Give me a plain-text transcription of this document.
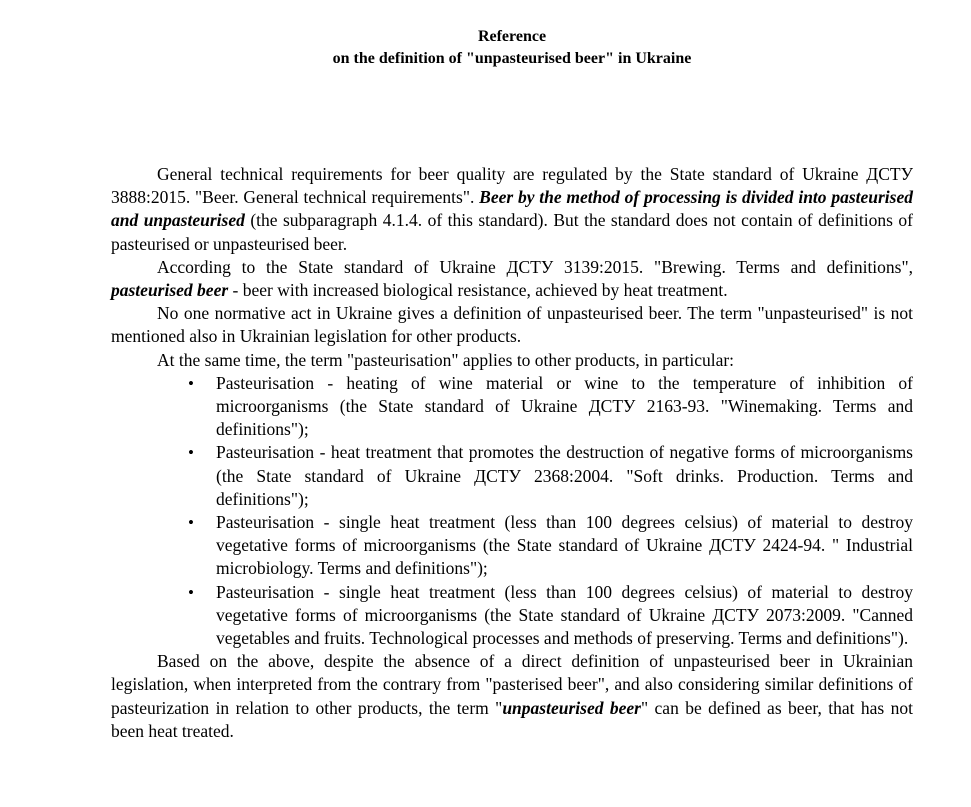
Reference
on the definition of "unpasteurised beer" in Ukraine

General technical requirements for beer quality are regulated by the State standard of Ukraine ДСТУ 3888:2015. "Beer. General technical requirements". Beer by the method of processing is divided into pasteurised and unpasteurised (the subparagraph 4.1.4. of this standard). But the standard does not contain of definitions of pasteurised or unpasteurised beer.

According to the State standard of Ukraine ДСТУ 3139:2015. "Brewing. Terms and definitions", pasteurised beer - beer with increased biological resistance, achieved by heat treatment.

No one normative act in Ukraine gives a definition of unpasteurised beer. The term "unpasteurised" is not mentioned also in Ukrainian legislation for other products.

At the same time, the term "pasteurisation" applies to other products, in particular:

• Pasteurisation - heating of wine material or wine to the temperature of inhibition of microorganisms (the State standard of Ukraine ДСТУ 2163-93. "Winemaking. Terms and definitions");
• Pasteurisation - heat treatment that promotes the destruction of negative forms of microorganisms (the State standard of Ukraine ДСТУ 2368:2004. "Soft drinks. Production. Terms and definitions");
• Pasteurisation - single heat treatment (less than 100 degrees celsius) of material to destroy vegetative forms of microorganisms (the State standard of Ukraine ДСТУ 2424-94. " Industrial microbiology. Terms and definitions");
• Pasteurisation - single heat treatment (less than 100 degrees celsius) of material to destroy vegetative forms of microorganisms (the State standard of Ukraine ДСТУ 2073:2009. "Canned vegetables and fruits. Technological processes and methods of preserving. Terms and definitions").

Based on the above, despite the absence of a direct definition of unpasteurised beer in Ukrainian legislation, when interpreted from the contrary from "pasterised beer", and also considering similar definitions of pasteurization in relation to other products, the term "unpasteurised beer" can be defined as beer, that has not been heat treated.
